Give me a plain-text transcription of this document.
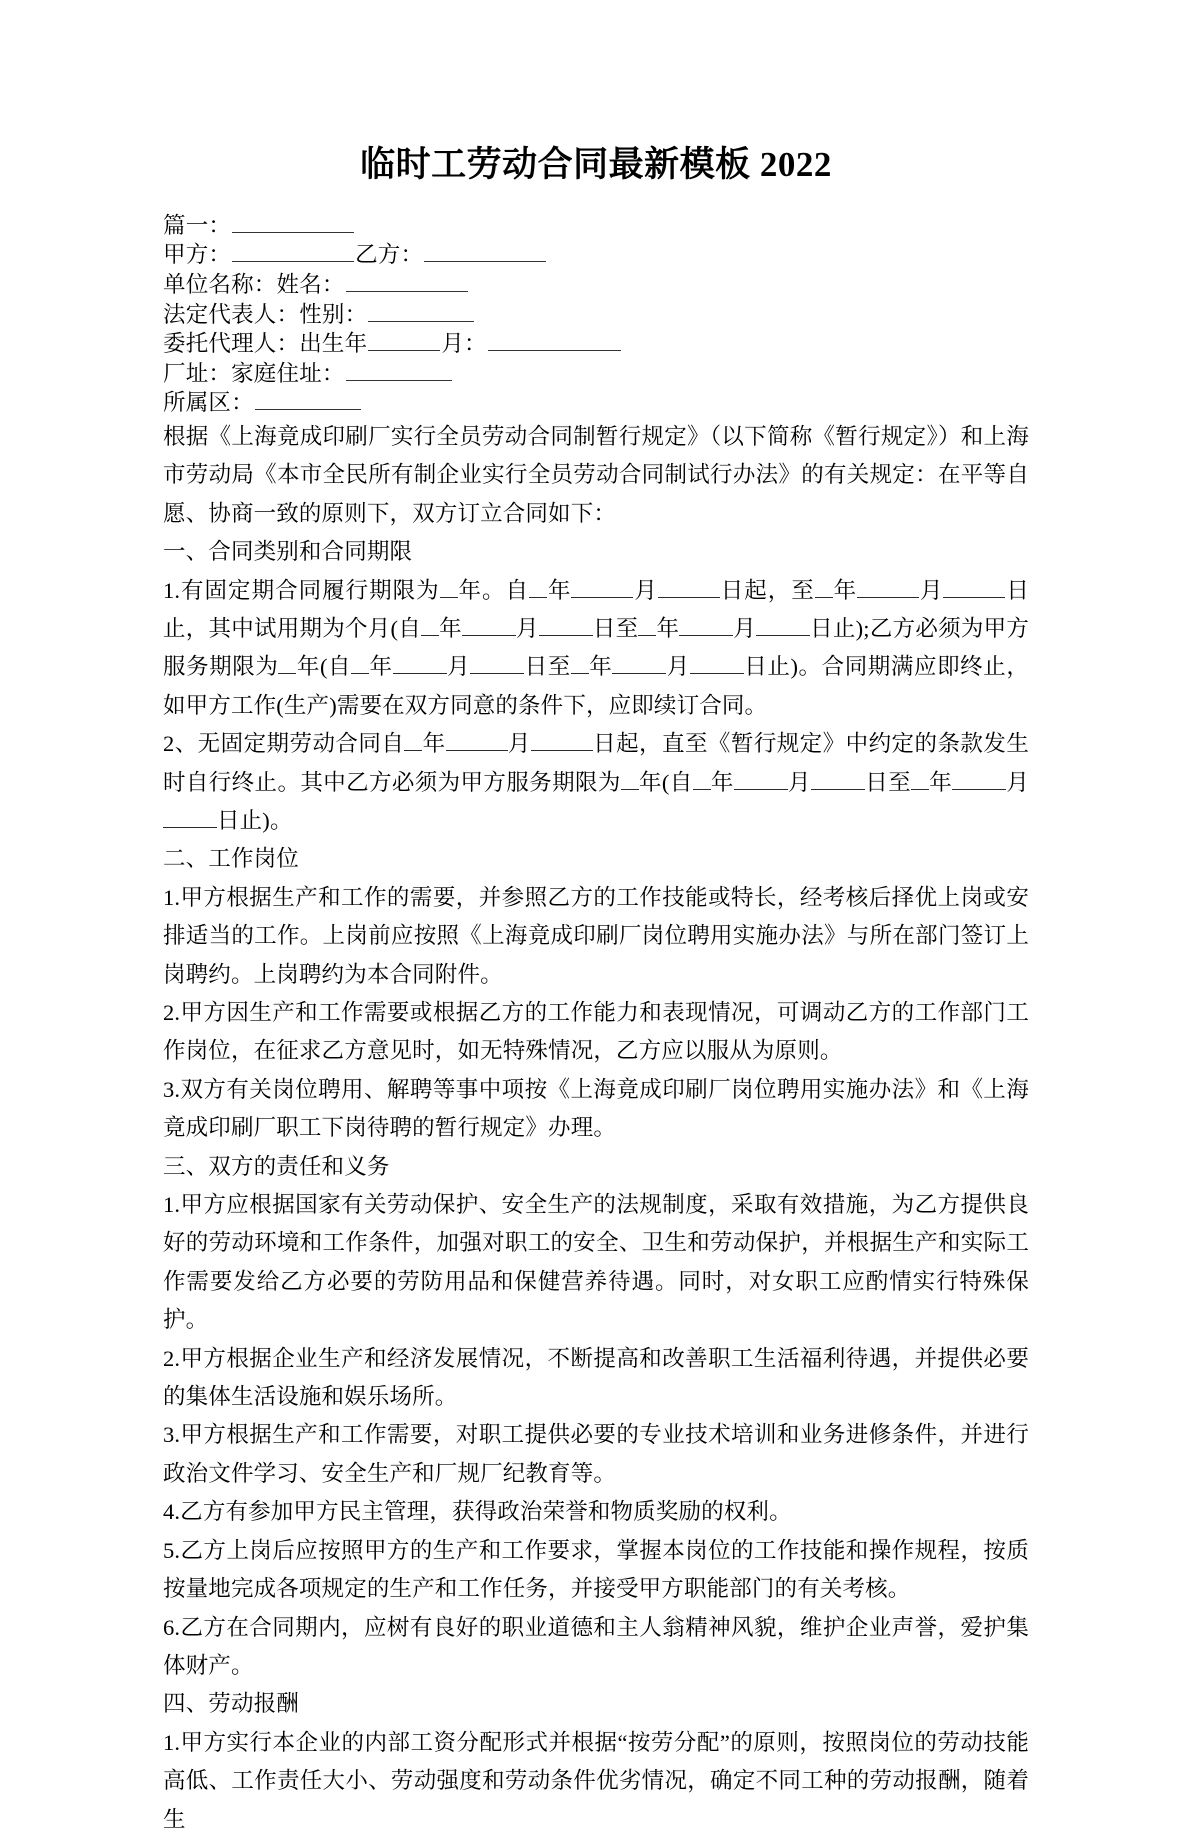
临时工劳动合同最新模板 2022
篇一：
甲方：	乙方：
单位名称：姓名：
法定代表人：性别：
委托代理人：出生年	月：
厂址：家庭住址：
所属区：

根据《上海竟成印刷厂实行全员劳动合同制暂行规定》（以下简称《暂行规定》）和上海市劳动局《本市全民所有制企业实行全员劳动合同制试行办法》的有关规定：在平等自愿、协商一致的原则下，双方订立合同如下：

一、合同类别和合同期限

1.有固定期合同履行期限为 年。自 年	月	日起，至 年	月	日止，其中试用期为个月(自 年 月 日至 年 月 日止);乙方必须为甲方服务期限为 年(自 年 月 日至 年 月 日止)。合同期满应即终止，如甲方工作(生产)需要在双方同意的条件下，应即续订合同。

2、无固定期劳动合同自 年	月	日起，直至《暂行规定》中约定的条款发生时自行终止。其中乙方必须为甲方服务期限为 年(自 年 月 日至 年 月日止)。

二、工作岗位

1.甲方根据生产和工作的需要，并参照乙方的工作技能或特长，经考核后择优上岗或安排适当的工作。上岗前应按照《上海竟成印刷厂岗位聘用实施办法》与所在部门签订上岗聘约。上岗聘约为本合同附件。

2.甲方因生产和工作需要或根据乙方的工作能力和表现情况，可调动乙方的工作部门工作岗位，在征求乙方意见时，如无特殊情况，乙方应以服从为原则。

3.双方有关岗位聘用、解聘等事中项按《上海竟成印刷厂岗位聘用实施办法》和《上海竟成印刷厂职工下岗待聘的暂行规定》办理。

三、双方的责任和义务

1.甲方应根据国家有关劳动保护、安全生产的法规制度，采取有效措施，为乙方提供良好的劳动环境和工作条件，加强对职工的安全、卫生和劳动保护，并根据生产和实际工作需要发给乙方必要的劳防用品和保健营养待遇。同时，对女职工应酌情实行特殊保护。

2.甲方根据企业生产和经济发展情况，不断提高和改善职工生活福利待遇，并提供必要的集体生活设施和娱乐场所。

3.甲方根据生产和工作需要，对职工提供必要的专业技术培训和业务进修条件，并进行政治文件学习、安全生产和厂规厂纪教育等。

4.乙方有参加甲方民主管理，获得政治荣誉和物质奖励的权利。

5.乙方上岗后应按照甲方的生产和工作要求，掌握本岗位的工作技能和操作规程，按质按量地完成各项规定的生产和工作任务，并接受甲方职能部门的有关考核。

6.乙方在合同期内，应树有良好的职业道德和主人翁精神风貌，维护企业声誉，爱护集体财产。

四、劳动报酬

1.甲方实行本企业的内部工资分配形式并根据“按劳分配”的原则，按照岗位的劳动技能高低、工作责任大小、劳动强度和劳动条件优劣情况，确定不同工种的劳动报酬，随着生
